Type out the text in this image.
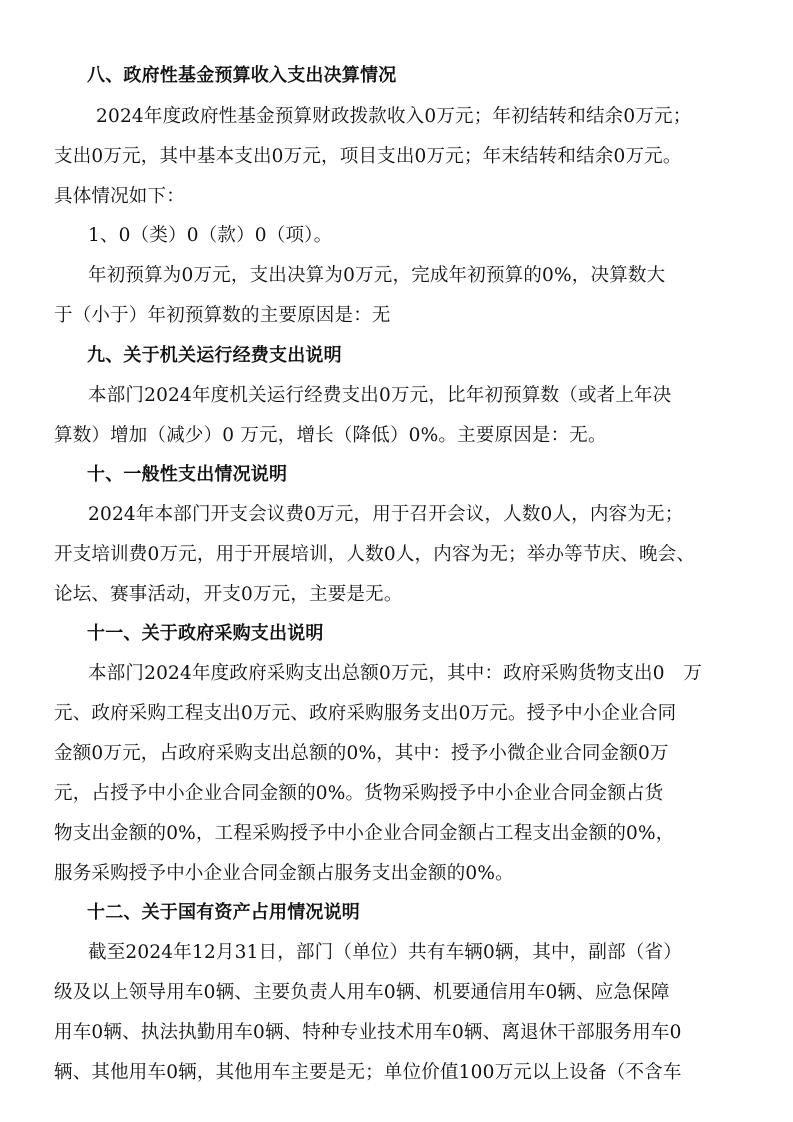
八、政府性基金预算收入支出决算情况
2024年度政府性基金预算财政拨款收入0万元；年初结转和结余0万元；
支出0万元，其中基本支出0万元，项目支出0万元；年末结转和结余0万元。
具体情况如下：
1、0（类）0（款）0（项）。
年初预算为0万元，支出决算为0万元，完成年初预算的0%，决算数大
于（小于）年初预算数的主要原因是：无
九、关于机关运行经费支出说明
本部门2024年度机关运行经费支出0万元，比年初预算数（或者上年决
算数）增加（减少）0 万元，增长（降低）0%。主要原因是：无。
十、一般性支出情况说明
2024年本部门开支会议费0万元，用于召开会议，人数0人，内容为无；
开支培训费0万元，用于开展培训，人数0人，内容为无；举办等节庆、晚会、
论坛、赛事活动，开支0万元，主要是无。
十一、关于政府采购支出说明
本部门2024年度政府采购支出总额0万元，其中：政府采购货物支出0　万
元、政府采购工程支出0万元、政府采购服务支出0万元。授予中小企业合同
金额0万元，占政府采购支出总额的0%，其中：授予小微企业合同金额0万
元，占授予中小企业合同金额的0%。货物采购授予中小企业合同金额占货
物支出金额的0%，工程采购授予中小企业合同金额占工程支出金额的0%，
服务采购授予中小企业合同金额占服务支出金额的0%。
十二、关于国有资产占用情况说明
截至2024年12月31日，部门（单位）共有车辆0辆，其中，副部（省）
级及以上领导用车0辆、主要负责人用车0辆、机要通信用车0辆、应急保障
用车0辆、执法执勤用车0辆、特种专业技术用车0辆、离退休干部服务用车0
辆、其他用车0辆，其他用车主要是无；单位价值100万元以上设备（不含车
